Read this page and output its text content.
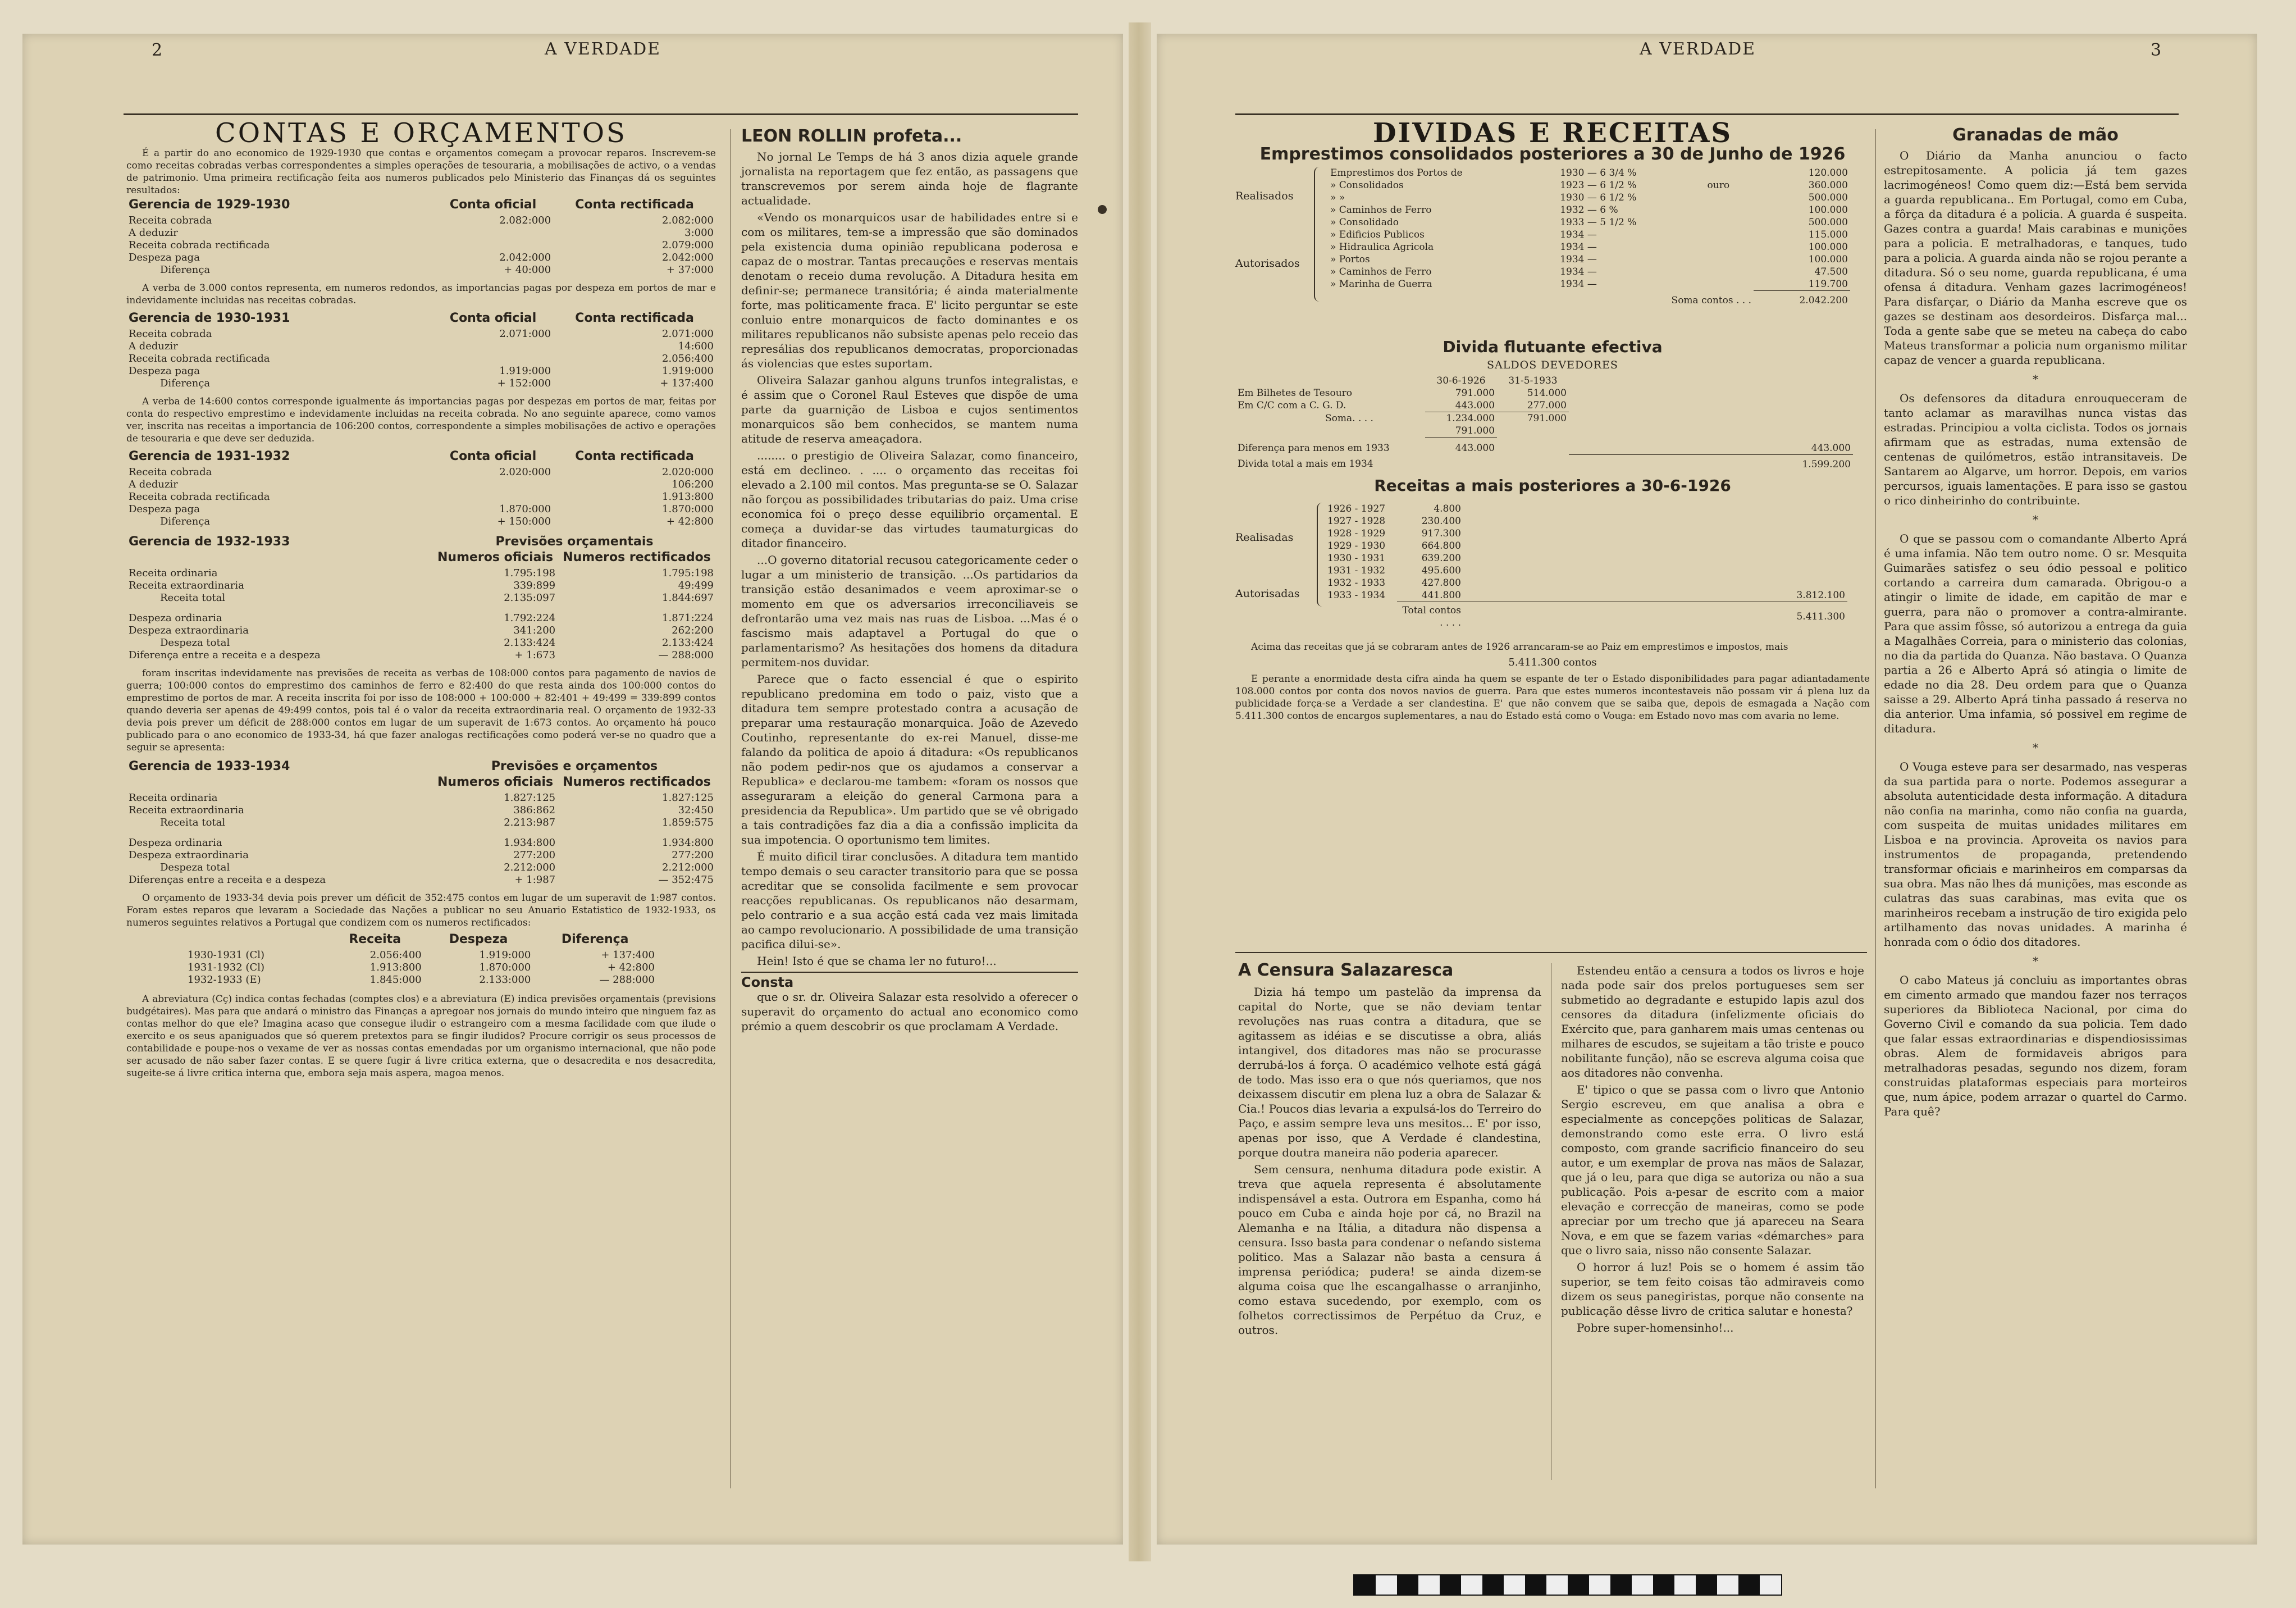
2	A VERDADE
CONTAS E ORÇAMENTOS

É a partir do ano economico de 1929-1930 que contas e orçamentos começam a provocar reparos. Inscrevem-se como receitas cobradas verbas correspondentes a simples operações de tesouraria, a mobilisações de activo, o a vendas de patrimonio. Uma primeira rectificação feita aos numeros publicados pelo Ministerio das Finanças dá os seguintes resultados:

Gerencia de 1929-1930	Conta oficial	Conta rectificada
Receita cobrada	2.082:000	2.082:000
A deduzir		3:000
Receita cobrada rectificada		2.079:000
Despeza paga	2.042:000	2.042:000
Diferença	+ 40:000	+ 37:000

A verba de 3.000 contos representa, em numeros redondos, as importancias pagas por despeza em portos de mar e indevidamente incluidas nas receitas cobradas.

Gerencia de 1930-1931	Conta oficial	Conta rectificada
Receita cobrada	2.071:000	2.071:000
A deduzir		14:600
Receita cobrada rectificada		2.056:400
Despeza paga	1.919:000	1.919:000
Diferença	+ 152:000	+ 137:400

A verba de 14:600 contos corresponde igualmente ás importancias pagas por despezas em portos de mar, feitas por conta do respectivo emprestimo e indevidamente incluidas na receita cobrada. No ano seguinte aparece, como vamos ver, inscrita nas receitas a importancia de 106:200 contos, correspondente a simples mobilisações de activo e operações de tesouraria e que deve ser deduzida.

Gerencia de 1931-1932	Conta oficial	Conta rectificada
Receita cobrada	2.020:000	2.020:000
A deduzir		106:200
Receita cobrada rectificada		1.913:800
Despeza paga	1.870:000	1.870:000
Diferença	+ 150:000	+ 42:800
Gerencia de 1932-1933	Previsões orçamentais	
	Numeros oficiais	Numeros rectificados
Receita ordinaria	1.795:198	1.795:198
Receita extraordinaria	339:899	49:499
Receita total	2.135:097	1.844:697
Despeza ordinaria	1.792:224	1.871:224
Despeza extraordinaria	341:200	262:200
Despeza total	2.133:424	2.133:424
Diferença entre a receita e a despeza	+ 1:673	— 288:000

foram inscritas indevidamente nas previsões de receita as verbas de 108:000 contos para pagamento de navios de guerra; 100:000 contos do emprestimo dos caminhos de ferro e 82:400 do que resta ainda dos 100:000 contos do emprestimo de portos de mar. A receita inscrita foi por isso de 108:000 + 100:000 + 82:401 + 49:499 = 339:899 contos quando deveria ser apenas de 49:499 contos, pois tal é o valor da receita extraordinaria real. O orçamento de 1932-33 devia pois prever um déficit de 288:000 contos em lugar de um superavit de 1:673 contos. Ao orçamento há pouco publicado para o ano economico de 1933-34, há que fazer analogas rectificações como poderá ver-se no quadro que a seguir se apresenta:

Gerencia de 1933-1934	Previsões e orçamentos	
	Numeros oficiais	Numeros rectificados
Receita ordinaria	1.827:125	1.827:125
Receita extraordinaria	386:862	32:450
Receita total	2.213:987	1.859:575
Despeza ordinaria	1.934:800	1.934:800
Despeza extraordinaria	277:200	277:200
Despeza total	2.212:000	2.212:000
Diferenças entre a receita e a despeza	+ 1:987	— 352:475

O orçamento de 1933-34 devia pois prever um déficit de 352:475 contos em lugar de um superavit de 1:987 contos. Foram estes reparos que levaram a Sociedade das Nações a publicar no seu Anuario Estatistico de 1932-1933, os numeros seguintes relativos a Portugal que condizem com os numeros rectificados:

	Receita	Despeza	Diferença
1930-1931 (Cl)	2.056:400	1.919:000	+ 137:400
1931-1932 (Cl)	1.913:800	1.870:000	+ 42:800
1932-1933 (E)	1.845:000	2.133:000	— 288:000

A abreviatura (Cç) indica contas fechadas (comptes clos) e a abreviatura (E) indica previsões orçamentais (previsions budgétaires). Mas para que andará o ministro das Finanças a apregoar nos jornais do mundo inteiro que ninguem faz as contas melhor do que ele? Imagina acaso que consegue iludir o estrangeiro com a mesma facilidade com que ilude o exercito e os seus apaniguados que só querem pretextos para se fingir iludidos? Procure corrigir os seus processos de contabilidade e poupe-nos o vexame de ver as nossas contas emendadas por um organismo internacional, que não pode ser acusado de não saber fazer contas. E se quere fugir á livre critica externa, que o desacredita e nos desacredita, sugeite-se á livre critica interna que, embora seja mais aspera, magoa menos.

LEON ROLLIN profeta...

No jornal Le Temps de há 3 anos dizia aquele grande jornalista na reportagem que fez então, as passagens que transcrevemos por serem ainda hoje de flagrante actualidade.

«Vendo os monarquicos usar de habilidades entre si e com os militares, tem-se a impressão que são dominados pela existencia duma opinião republicana poderosa e capaz de o mostrar. Tantas precauções e reservas mentais denotam o receio duma revolução. A Ditadura hesita em definir-se; permanece transitória; é ainda materialmente forte, mas politicamente fraca. E' licito perguntar se este conluio entre monarquicos de facto dominantes e os militares republicanos não subsiste apenas pelo receio das represálias dos republicanos democratas, proporcionadas ás violencias que estes suportam.

Oliveira Salazar ganhou alguns trunfos integralistas, e é assim que o Coronel Raul Esteves que dispõe de uma parte da guarnição de Lisboa e cujos sentimentos monarquicos são bem conhecidos, se mantem numa atitude de reserva ameaçadora.

........ o prestigio de Oliveira Salazar, como financeiro, está em declineo. . .... o orçamento das receitas foi elevado a 2.100 mil contos. Mas pregunta-se se O. Salazar não forçou as possibilidades tributarias do paiz. Uma crise economica foi o preço desse equilibrio orçamental. E começa a duvidar-se das virtudes taumaturgicas do ditador financeiro.

...O governo ditatorial recusou categoricamente ceder o lugar a um ministerio de transição. ...Os partidarios da transição estão desanimados e veem aproximar-se o momento em que os adversarios irreconciliaveis se defrontarão uma vez mais nas ruas de Lisboa. ...Mas é o fascismo mais adaptavel a Portugal do que o parlamentarismo? As hesitações dos homens da ditadura permitem-nos duvidar.

Parece que o facto essencial é que o espirito republicano predomina em todo o paiz, visto que a ditadura tem sempre protestado contra a acusação de preparar uma restauração monarquica. João de Azevedo Coutinho, representante do ex-rei Manuel, disse-me falando da politica de apoio á ditadura: «Os republicanos não podem pedir-nos que os ajudamos a conservar a Republica» e declarou-me tambem: «foram os nossos que asseguraram a eleição do general Carmona para a presidencia da Republica». Um partido que se vê obrigado a tais contradições faz dia a dia a confissão implicita da sua impotencia. O oportunismo tem limites.

É muito dificil tirar conclusões. A ditadura tem mantido tempo demais o seu caracter transitorio para que se possa acreditar que se consolida facilmente e sem provocar reacções republicanas. Os republicanos não desarmam, pelo contrario e a sua acção está cada vez mais limitada ao campo revolucionario. A possibilidade de uma transição pacifica dilui-se».

Hein! Isto é que se chama ler no futuro!...

Consta

que o sr. dr. Oliveira Salazar esta resolvido a oferecer o superavit do orçamento do actual ano economico como prémio a quem descobrir os que proclamam A Verdade.

A VERDADE	3
DIVIDAS E RECEITAS
Emprestimos consolidados posteriores a 30 de Junho de 1926
Realisados
Autorisados
Emprestimos dos Portos de	1930 — 6 3/4 %		120.000
» Consolidados	1923 — 6 1/2 %	ouro	360.000
» »	1930 — 6 1/2 %		500.000
» Caminhos de Ferro	1932 — 6 %		100.000
» Consolidado	1933 — 5 1/2 %		500.000
» Edificios Publicos	1934 —		115.000
» Hidraulica Agricola	1934 —		100.000
» Portos	1934 —		100.000
» Caminhos de Ferro	1934 —		47.500
» Marinha de Guerra	1934 —		119.700
	Soma contos . . .		2.042.200
Divida flutuante efectiva
SALDOS DEVEDORES
	30-6-1926	31-5-1933	
Em Bilhetes de Tesouro	791.000	514.000	
Em C/C com a C. G. D.	443.000	277.000	
Soma. . . .	1.234.000	791.000	
	791.000		
Diferença para menos em 1933	443.000		443.000
Divida total a mais em 1934			1.599.200
Receitas a mais posteriores a 30-6-1926
Realisadas
Autorisadas
1926 - 1927	4.800	
1927 - 1928	230.400	
1928 - 1929	917.300	
1929 - 1930	664.800	
1930 - 1931	639.200	
1931 - 1932	495.600	
1932 - 1933	427.800	
1933 - 1934	441.800	3.812.100
	Total contos . . . .	5.411.300

Acima das receitas que já se cobraram antes de 1926 arrancaram-se ao Paiz em emprestimos e impostos, mais

5.411.300 contos

E perante a enormidade desta cifra ainda ha quem se espante de ter o Estado disponibilidades para pagar adiantadamente 108.000 contos por conta dos novos navios de guerra. Para que estes numeros incontestaveis não possam vir á plena luz da publicidade força-se a Verdade a ser clandestina. E' que não convem que se saiba que, depois de esmagada a Nação com 5.411.300 contos de encargos suplementares, a nau do Estado está como o Vouga: em Estado novo mas com avaria no leme.

A Censura Salazaresca

Dizia há tempo um pastelão da imprensa da capital do Norte, que se não deviam tentar revoluções nas ruas contra a ditadura, que se agitassem as idéias e se discutisse a obra, aliás intangivel, dos ditadores mas não se procurasse derrubá-los á força. O académico velhote está gágá de todo. Mas isso era o que nós queriamos, que nos deixassem discutir em plena luz a obra de Salazar & Cia.! Poucos dias levaria a expulsá-los do Terreiro do Paço, e assim sempre leva uns mesitos... E' por isso, apenas por isso, que A Verdade é clandestina, porque doutra maneira não poderia aparecer.

Sem censura, nenhuma ditadura pode existir. A treva que aquela representa é absolutamente indispensável a esta. Outrora em Espanha, como há pouco em Cuba e ainda hoje por cá, no Brazil na Alemanha e na Itália, a ditadura não dispensa a censura. Isso basta para condenar o nefando sistema politico. Mas a Salazar não basta a censura á imprensa periódica; pudera! se ainda dizem-se alguma coisa que lhe escangalhasse o arranjinho, como estava sucedendo, por exemplo, com os folhetos correctissimos de Perpétuo da Cruz, e outros.

Estendeu então a censura a todos os livros e hoje nada pode sair dos prelos portugueses sem ser submetido ao degradante e estupido lapis azul dos censores da ditadura (infelizmente oficiais do Exército que, para ganharem mais umas centenas ou milhares de escudos, se sujeitam a tão triste e pouco nobilitante função), não se escreva alguma coisa que aos ditadores não convenha.

E' tipico o que se passa com o livro que Antonio Sergio escreveu, em que analisa a obra e especialmente as concepções politicas de Salazar, demonstrando como este erra. O livro está composto, com grande sacrificio financeiro do seu autor, e um exemplar de prova nas mãos de Salazar, que já o leu, para que diga se autoriza ou não a sua publicação. Pois a-pesar de escrito com a maior elevação e correcção de maneiras, como se pode apreciar por um trecho que já apareceu na Seara Nova, e em que se fazem varias «démarches» para que o livro saia, nisso não consente Salazar.

O horror á luz! Pois se o homem é assim tão superior, se tem feito coisas tão admiraveis como dizem os seus panegiristas, porque não consente na publicação dêsse livro de critica salutar e honesta?

Pobre super-homensinho!...

Granadas de mão

O Diário da Manha anunciou o facto estrepitosamente. A policia já tem gazes lacrimogéneos! Como quem diz:—Está bem servida a guarda republicana.. Em Portugal, como em Cuba, a fôrça da ditadura é a policia. A guarda é suspeita. Gazes contra a guarda! Mais carabinas e munições para a policia. E metralhadoras, e tanques, tudo para a policia. A guarda ainda não se rojou perante a ditadura. Só o seu nome, guarda republicana, é uma ofensa á ditadura. Venham gazes lacrimogéneos! Para disfarçar, o Diário da Manha escreve que os gazes se destinam aos desordeiros. Disfarça mal... Toda a gente sabe que se meteu na cabeça do cabo Mateus transformar a policia num organismo militar capaz de vencer a guarda republicana.

*

Os defensores da ditadura enrouqueceram de tanto aclamar as maravilhas nunca vistas das estradas. Principiou a volta ciclista. Todos os jornais afirmam que as estradas, numa extensão de centenas de quilómetros, estão intransitaveis. De Santarem ao Algarve, um horror. Depois, em varios percursos, iguais lamentações. E para isso se gastou o rico dinheirinho do contribuinte.

*

O que se passou com o comandante Alberto Aprá é uma infamia. Não tem outro nome. O sr. Mesquita Guimarães satisfez o seu ódio pessoal e politico cortando a carreira dum camarada. Obrigou-o a atingir o limite de idade, em capitão de mar e guerra, para não o promover a contra-almirante. Para que assim fôsse, só autorizou a entrega da guia a Magalhães Correia, para o ministerio das colonias, no dia da partida do Quanza. Não bastava. O Quanza partia a 26 e Alberto Aprá só atingia o limite de edade no dia 28. Deu ordem para que o Quanza saisse a 29. Alberto Aprá tinha passado á reserva no dia anterior. Uma infamia, só possivel em regime de ditadura.

*

O Vouga esteve para ser desarmado, nas vesperas da sua partida para o norte. Podemos assegurar a absoluta autenticidade desta informação. A ditadura não confia na marinha, como não confia na guarda, com suspeita de muitas unidades militares em Lisboa e na provincia. Aproveita os navios para instrumentos de propaganda, pretendendo transformar oficiais e marinheiros em comparsas da sua obra. Mas não lhes dá munições, mas esconde as culatras das suas carabinas, mas evita que os marinheiros recebam a instrução de tiro exigida pelo artilhamento das novas unidades. A marinha é honrada com o ódio dos ditadores.

*

O cabo Mateus já concluiu as importantes obras em cimento armado que mandou fazer nos terraços superiores da Biblioteca Nacional, por cima do Governo Civil e comando da sua policia. Tem dado que falar essas extraordinarias e dispendiosissimas obras. Alem de formidaveis abrigos para metralhadoras pesadas, segundo nos dizem, foram construidas plataformas especiais para morteiros que, num ápice, podem arrazar o quartel do Carmo. Para quê?
